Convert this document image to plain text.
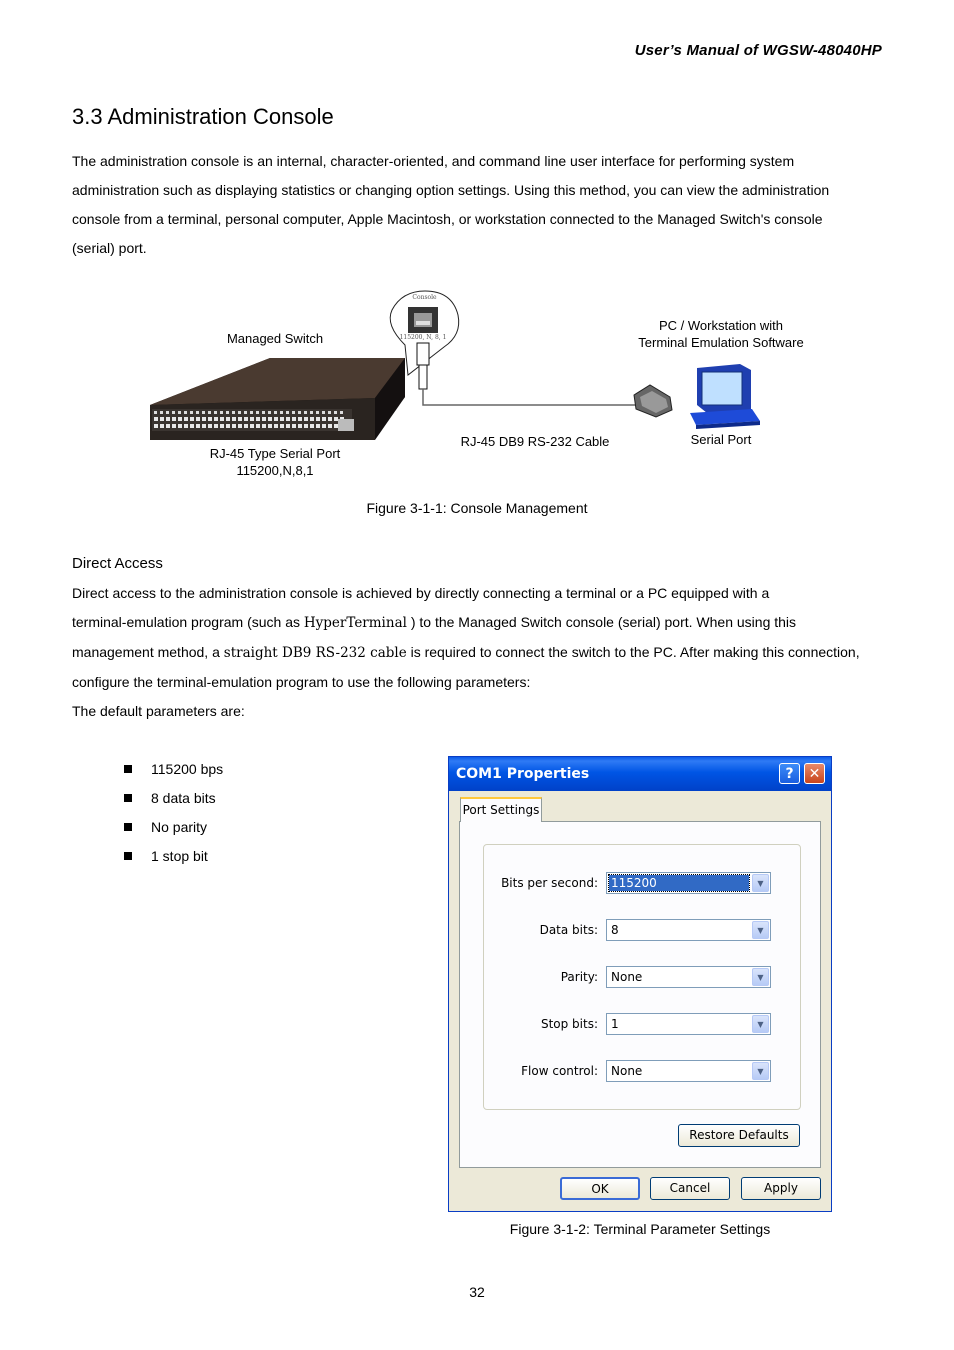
User’s Manual of WGSW-48040HP
3.3 Administration Console
The administration console is an internal, character-oriented, and command line user interface for performing system
administration such as displaying statistics or changing option settings. Using this method, you can view the administration
console from a terminal, personal computer, Apple Macintosh, or workstation connected to the Managed Switch's console
(serial) port.
Console
115200, N, 8, 1
Managed Switch
PC / Workstation with
Terminal Emulation Software
Serial Port
RJ-45 DB9 RS-232 Cable
RJ-45 Type Serial Port
115200,N,8,1
Figure 3-1-1: Console Management
Direct Access
Direct access to the administration console is achieved by directly connecting a terminal or a PC equipped with a
terminal-emulation program (such as HyperTerminal ) to the Managed Switch console (serial) port. When using this
management method, a straight DB9 RS-232 cable is required to connect the switch to the PC. After making this connection,
configure the terminal-emulation program to use the following parameters:
The default parameters are:
115200 bps
8 data bits
No parity
1 stop bit
COM1 Properties	?	✕
Port Settings
Bits per second: 115200	▼
Data bits: 8	▼
Parity: None	▼
Stop bits: 1	▼
Flow control: None	▼
Restore Defaults
OK	Cancel	Apply
Figure 3-1-2: Terminal Parameter Settings
32
